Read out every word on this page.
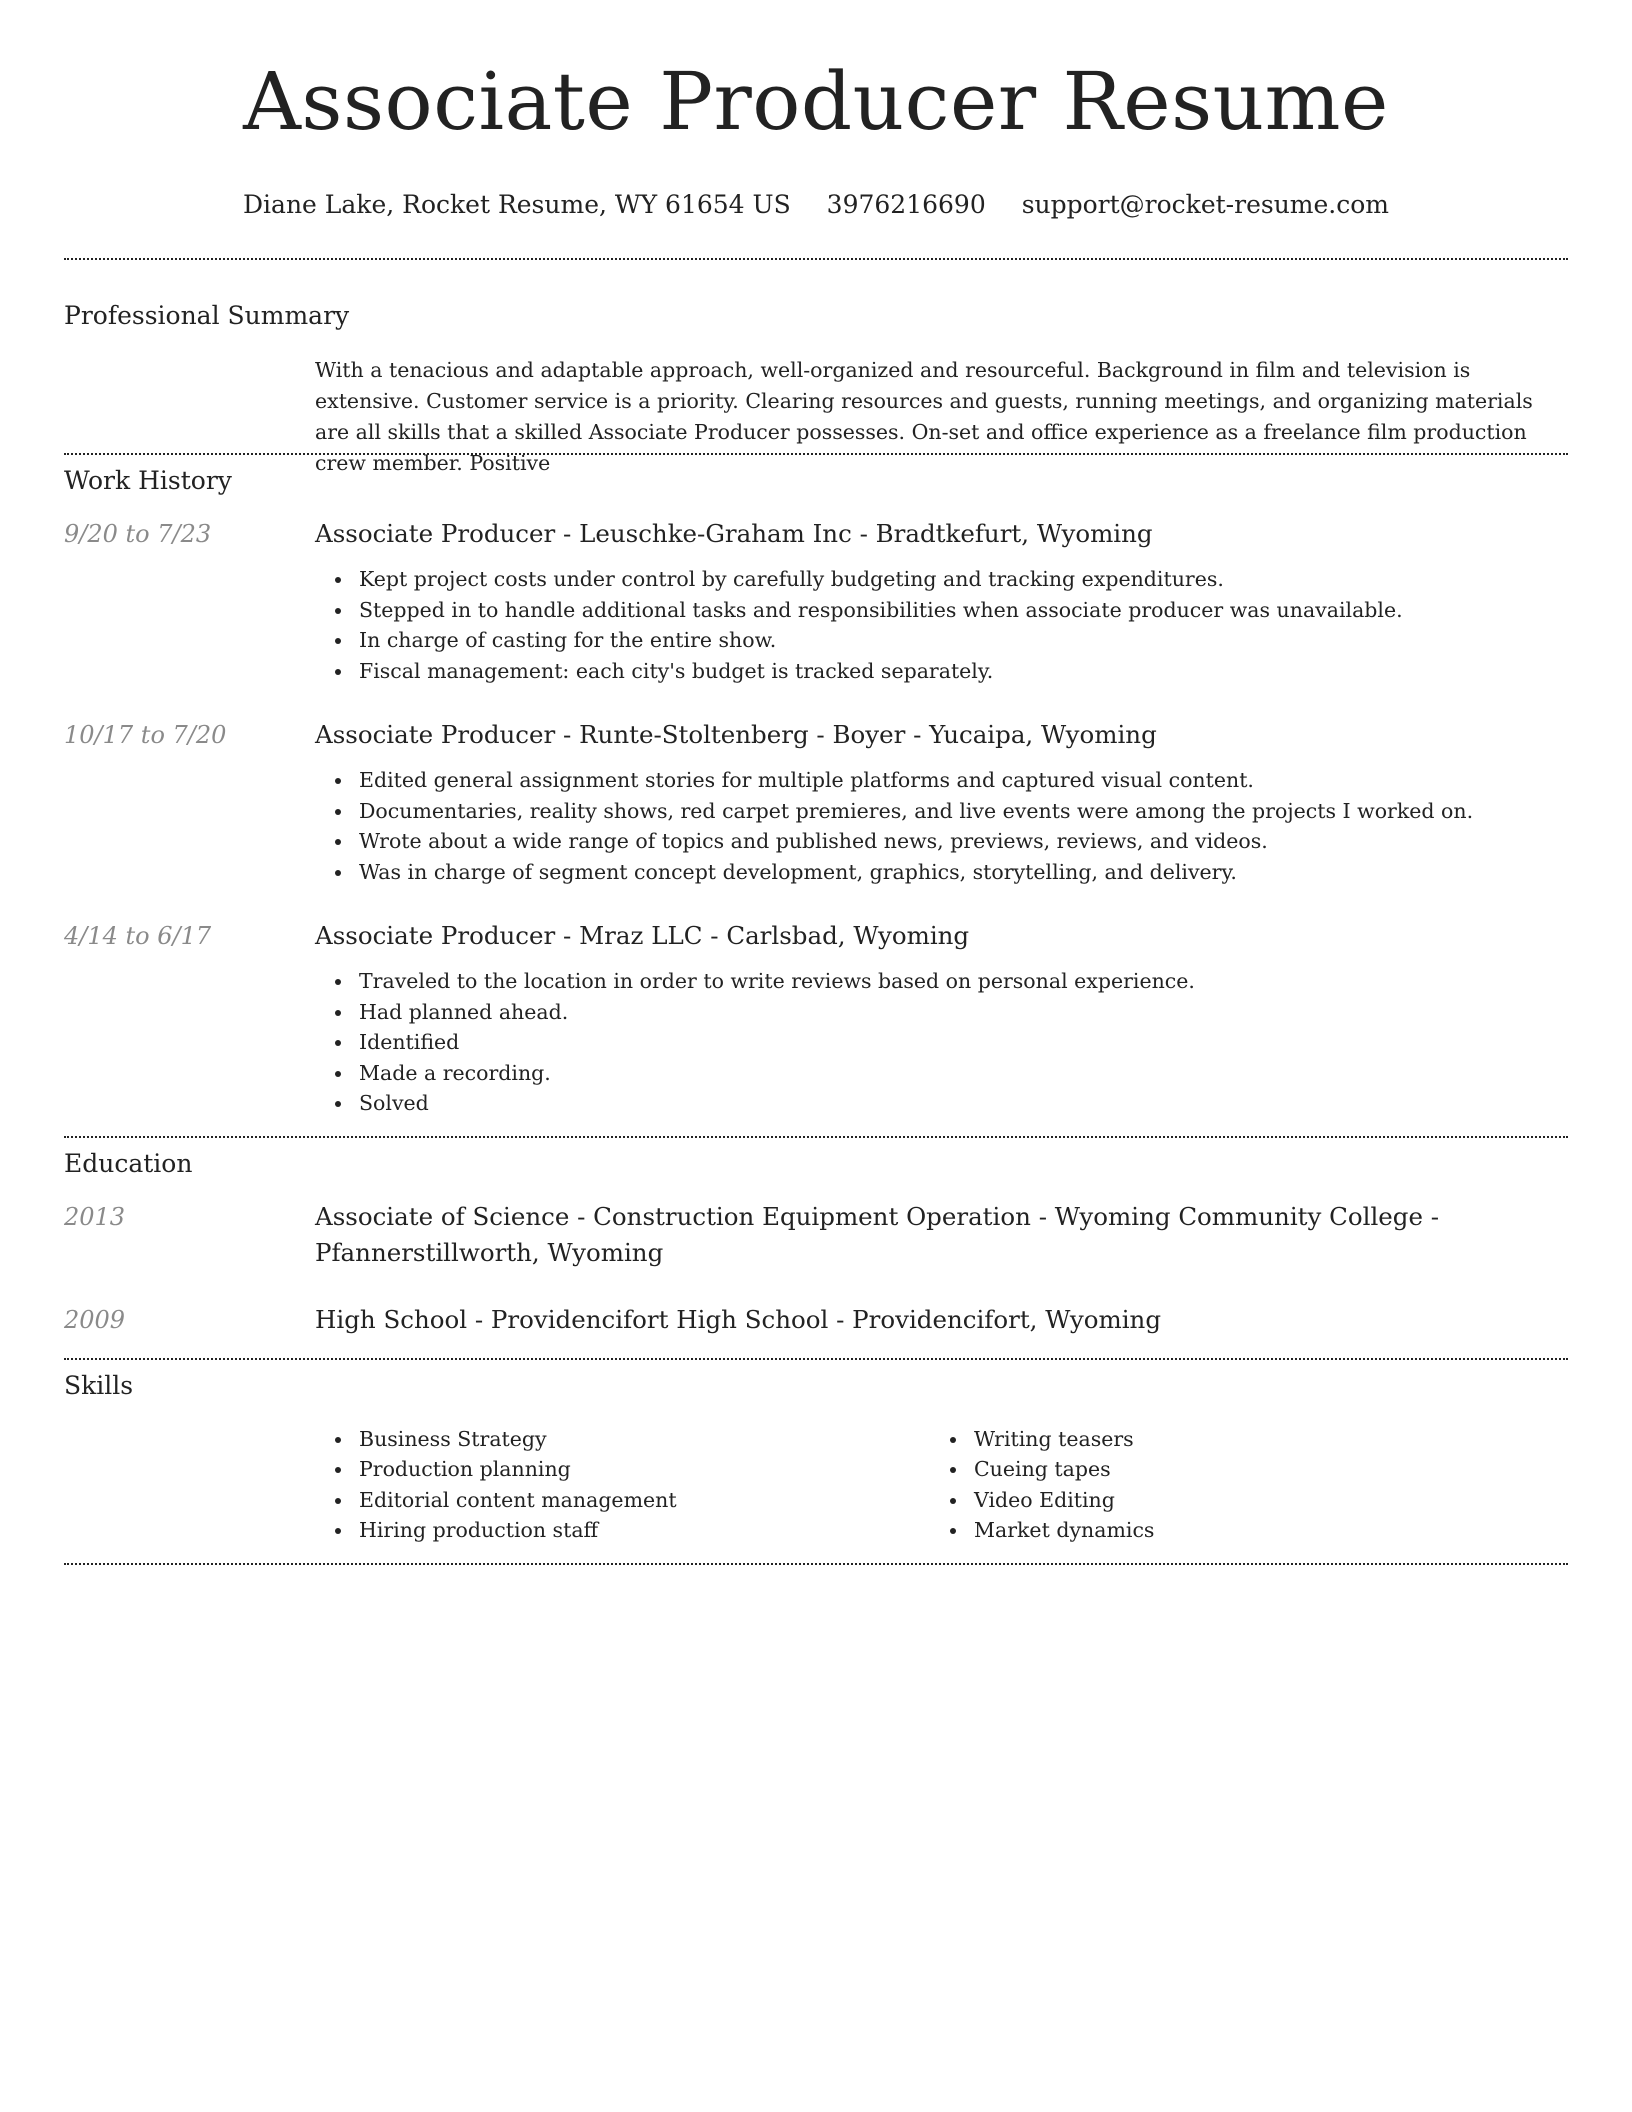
Associate Producer Resume
Diane Lake, Rocket Resume, WY 61654 US 3976216690 support@rocket-resume.com
Professional Summary
With a tenacious and adaptable approach, well-organized and resourceful. Background in film and television is extensive. Customer service is a priority. Clearing resources and guests, running meetings, and organizing materials are all skills that a skilled Associate Producer possesses. On-set and office experience as a freelance film production crew member. Positive
Work History
9/20 to 7/23	Associate Producer - Leuschke-Graham Inc - Bradtkefurt, Wyoming
Kept project costs under control by carefully budgeting and tracking expenditures.
Stepped in to handle additional tasks and responsibilities when associate producer was unavailable.
In charge of casting for the entire show.
Fiscal management: each city's budget is tracked separately.
10/17 to 7/20	Associate Producer - Runte-Stoltenberg - Boyer - Yucaipa, Wyoming
Edited general assignment stories for multiple platforms and captured visual content.
Documentaries, reality shows, red carpet premieres, and live events were among the projects I worked on.
Wrote about a wide range of topics and published news, previews, reviews, and videos.
Was in charge of segment concept development, graphics, storytelling, and delivery.
4/14 to 6/17	Associate Producer - Mraz LLC - Carlsbad, Wyoming
Traveled to the location in order to write reviews based on personal experience.
Had planned ahead.
Identified
Made a recording.
Solved
Education
2013	Associate of Science - Construction Equipment Operation - Wyoming Community College -
Pfannerstillworth, Wyoming
2009	High School - Providencifort High School - Providencifort, Wyoming
Skills
Business Strategy
Production planning
Editorial content management
Hiring production staff
Writing teasers
Cueing tapes
Video Editing
Market dynamics
